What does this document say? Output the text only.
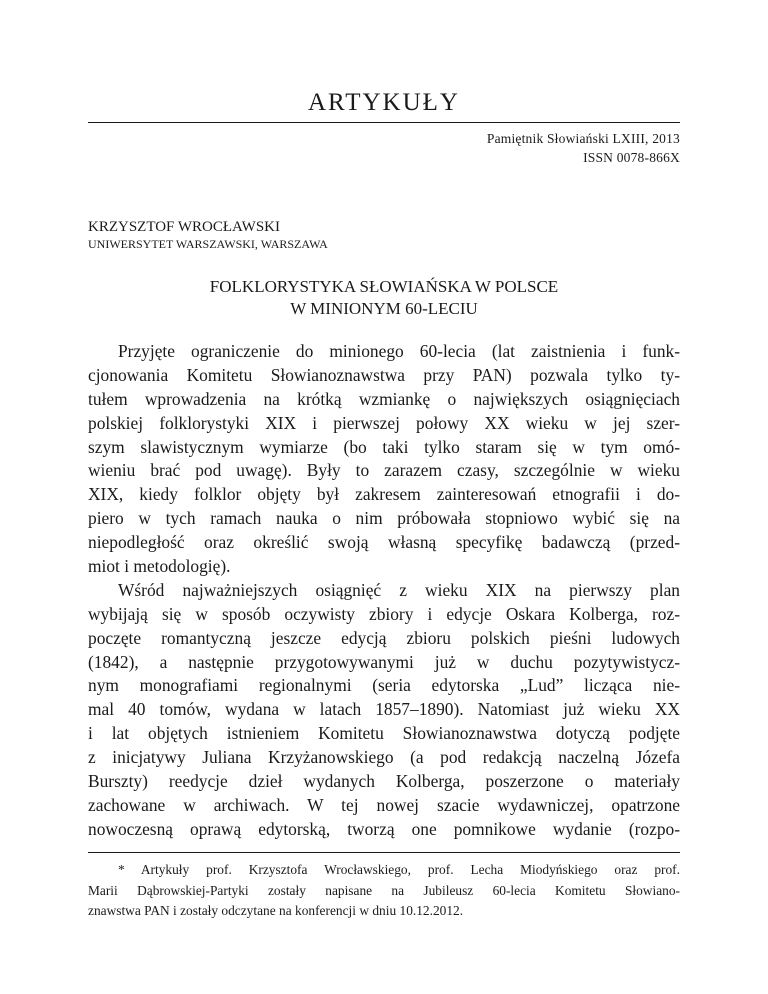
ARTYKUŁY
Pamiętnik Słowiański LXIII, 2013
ISSN 0078-866X
KRZYSZTOF WROCŁAWSKI
UNIWERSYTET WARSZAWSKI, WARSZAWA
FOLKLORYSTYKA SŁOWIAŃSKA W POLSCE
W MINIONYM 60-LECIU
Przyjęte ograniczenie do minionego 60-lecia (lat zaistnienia i funk-
cjonowania Komitetu Słowianoznawstwa przy PAN) pozwala tylko ty-
tułem wprowadzenia na krótką wzmiankę o największych osiągnięciach
polskiej folklorystyki XIX i pierwszej połowy XX wieku w jej szer-
szym slawistycznym wymiarze (bo taki tylko staram się w tym omó-
wieniu brać pod uwagę). Były to zarazem czasy, szczególnie w wieku
XIX, kiedy folklor objęty był zakresem zainteresowań etnografii i do-
piero w tych ramach nauka o nim próbowała stopniowo wybić się na
niepodległość oraz określić swoją własną specyfikę badawczą (przed-
miot i metodologię).
Wśród najważniejszych osiągnięć z wieku XIX na pierwszy plan
wybijają się w sposób oczywisty zbiory i edycje Oskara Kolberga, roz-
poczęte romantyczną jeszcze edycją zbioru polskich pieśni ludowych
(1842), a następnie przygotowywanymi już w duchu pozytywistycz-
nym monografiami regionalnymi (seria edytorska „Lud” licząca nie-
mal 40 tomów, wydana w latach 1857–1890). Natomiast już wieku XX
i lat objętych istnieniem Komitetu Słowianoznawstwa dotyczą podjęte
z inicjatywy Juliana Krzyżanowskiego (a pod redakcją naczelną Józefa
Burszty) reedycje dzieł wydanych Kolberga, poszerzone o materiały
zachowane w archiwach. W tej nowej szacie wydawniczej, opatrzone
nowoczesną oprawą edytorską, tworzą one pomnikowe wydanie (rozpo-
* Artykuły prof. Krzysztofa Wrocławskiego, prof. Lecha Miodyńskiego oraz prof.
Marii Dąbrowskiej-Partyki zostały napisane na Jubileusz 60-lecia Komitetu Słowiano-
znawstwa PAN i zostały odczytane na konferencji w dniu 10.12.2012.
